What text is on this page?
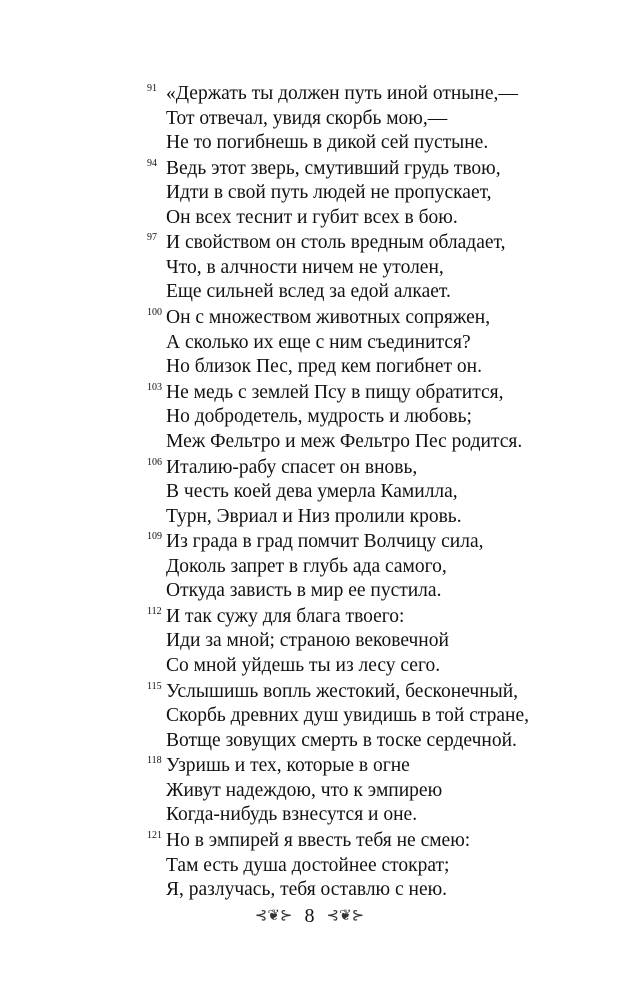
91 «Держать ты должен путь иной отныне,—
Тот отвечал, увидя скорбь мою,—
Не то погибнешь в дикой сей пустыне.
94 Ведь этот зверь, смутивший грудь твою,
Идти в свой путь людей не пропускает,
Он всех теснит и губит всех в бою.
97 И свойством он столь вредным обладает,
Что, в алчности ничем не утолен,
Еще сильней вслед за едой алкает.
100 Он с множеством животных сопряжен,
А сколько их еще с ним съединится?
Но близок Пес, пред кем погибнет он.
103 Не медь с землей Псу в пищу обратится,
Но добродетель, мудрость и любовь;
Меж Фельтро и меж Фельтро Пес родится.
106 Италию-рабу спасет он вновь,
В честь коей дева умерла Камилла,
Турн, Эвриал и Низ пролили кровь.
109 Из града в град помчит Волчицу сила,
Доколь запрет в глубь ада самого,
Откуда зависть в мир ее пустила.
112 И так сужу для блага твоего:
Иди за мной; страною вековечной
Со мной уйдешь ты из лесу сего.
115 Услышишь вопль жестокий, бесконечный,
Скорбь древних душ увидишь в той стране,
Вотще зовущих смерть в тоске сердечной.
118 Узришь и тех, которые в огне
Живут надеждою, что к эмпирею
Когда-нибудь взнесутся и оне.
121 Но в эмпирей я ввесть тебя не смею:
Там есть душа достойнее стократ;
Я, разлучась, тебя оставлю с нею.
⊰❦⊱ 8 ⊰❦⊱
